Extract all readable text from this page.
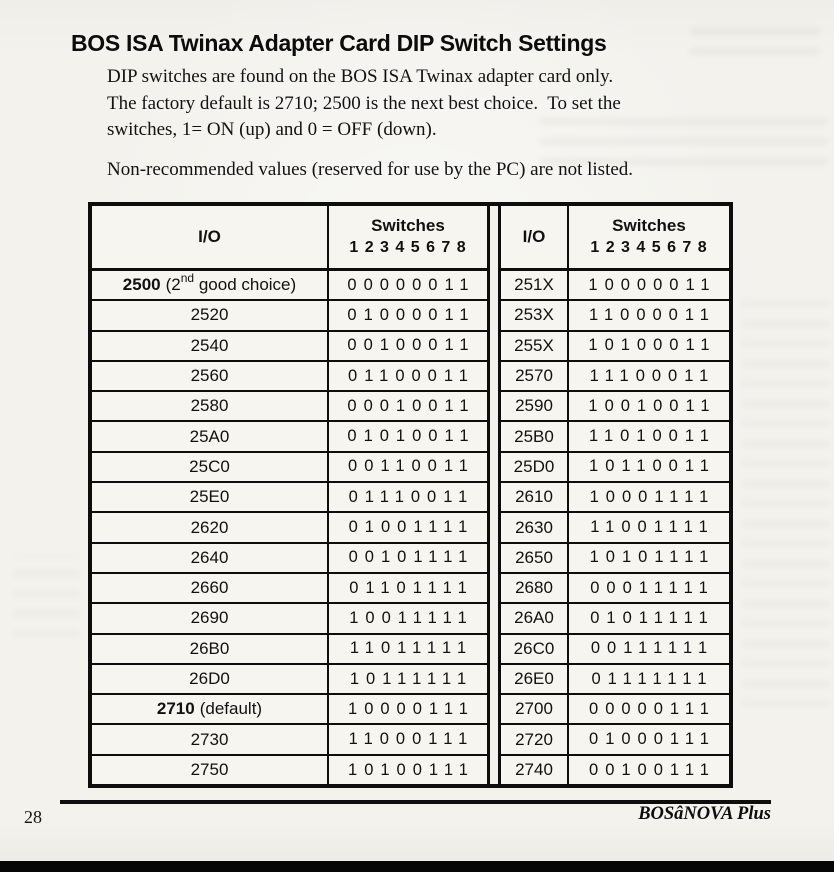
BOS ISA Twinax Adapter Card DIP Switch Settings
DIP switches are found on the BOS ISA Twinax adapter card only.
The factory default is 2710; 2500 is the next best choice.  To set the
switches, 1= ON (up) and 0 = OFF (down).
Non-recommended values (reserved for use by the PC) are not listed.
I/O
Switches
1 2 3 4 5 6 7 8
2500 (2nd good choice)	00000011
2520	01000011
2540	00100011
2560	01100011
2580	00010011
25A0	01010011
25C0	00110011
25E0	01110011
2620	01001111
2640	00101111
2660	01101111
2690	10011111
26B0	11011111
26D0	10111111
2710 (default)	10000111
2730	11000111
2750	10100111
I/O
Switches
1 2 3 4 5 6 7 8
251X	10000011
253X	11000011
255X	10100011
2570	11100011
2590	10010011
25B0	11010011
25D0	10110011
2610	10001111
2630	11001111
2650	10101111
2680	00011111
26A0	01011111
26C0	00111111
26E0	01111111
2700	00000111
2720	01000111
2740	00100111
28	BOSâNOVA Plus
